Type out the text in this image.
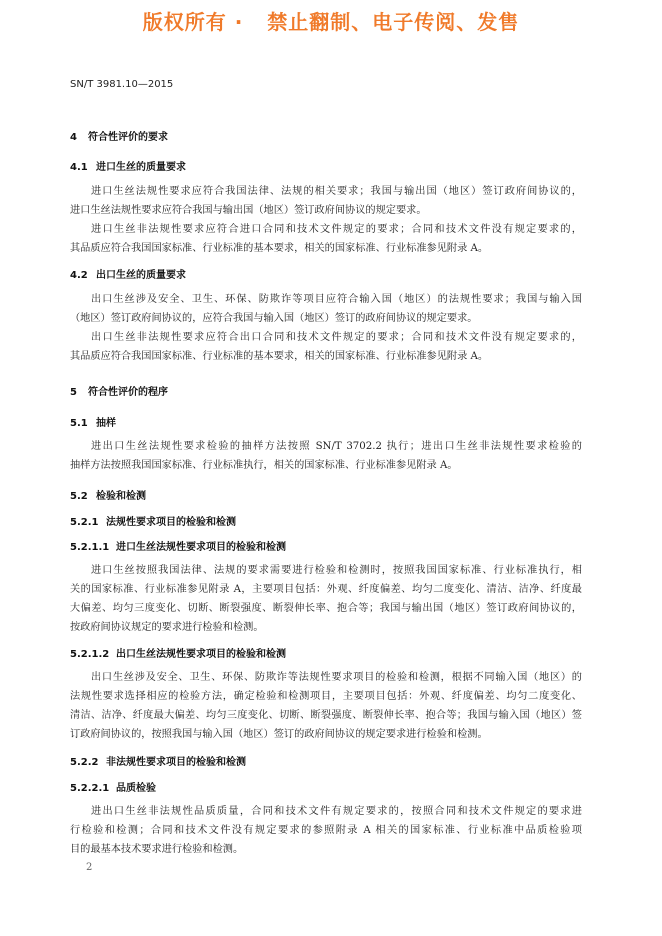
版权所有 ·   禁止翻制、电子传阅、发售
SN/T 3981.10—2015
4 符合性评价的要求
4.1 进口生丝的质量要求
进口生丝法规性要求应符合我国法律、法规的相关要求；我国与输出国（地区）签订政府间协议的，
进口生丝法规性要求应符合我国与输出国（地区）签订政府间协议的规定要求。
进口生丝非法规性要求应符合进口合同和技术文件规定的要求；合同和技术文件没有规定要求的，
其品质应符合我国国家标准、行业标准的基本要求，相关的国家标准、行业标准参见附录 A。
4.2 出口生丝的质量要求
出口生丝涉及安全、卫生、环保、防欺诈等项目应符合输入国（地区）的法规性要求；我国与输入国
（地区）签订政府间协议的，应符合我国与输入国（地区）签订的政府间协议的规定要求。
出口生丝非法规性要求应符合出口合同和技术文件规定的要求；合同和技术文件没有规定要求的，
其品质应符合我国国家标准、行业标准的基本要求，相关的国家标准、行业标准参见附录 A。
5 符合性评价的程序
5.1 抽样
进出口生丝法规性要求检验的抽样方法按照 SN/T 3702.2 执行；进出口生丝非法规性要求检验的
抽样方法按照我国国家标准、行业标准执行，相关的国家标准、行业标准参见附录 A。
5.2 检验和检测
5.2.1 法规性要求项目的检验和检测
5.2.1.1 进口生丝法规性要求项目的检验和检测
进口生丝按照我国法律、法规的要求需要进行检验和检测时，按照我国国家标准、行业标准执行，相
关的国家标准、行业标准参见附录 A，主要项目包括：外观、纤度偏差、均匀二度变化、清洁、洁净、纤度最
大偏差、均匀三度变化、切断、断裂强度、断裂伸长率、抱合等；我国与输出国（地区）签订政府间协议的，
按政府间协议规定的要求进行检验和检测。
5.2.1.2 出口生丝法规性要求项目的检验和检测
出口生丝涉及安全、卫生、环保、防欺诈等法规性要求项目的检验和检测，根据不同输入国（地区）的
法规性要求选择相应的检验方法，确定检验和检测项目，主要项目包括：外观、纤度偏差、均匀二度变化、
清洁、洁净、纤度最大偏差、均匀三度变化、切断、断裂强度、断裂伸长率、抱合等；我国与输入国（地区）签
订政府间协议的，按照我国与输入国（地区）签订的政府间协议的规定要求进行检验和检测。
5.2.2 非法规性要求项目的检验和检测
5.2.2.1 品质检验
进出口生丝非法规性品质质量，合同和技术文件有规定要求的，按照合同和技术文件规定的要求进
行检验和检测；合同和技术文件没有规定要求的参照附录 A 相关的国家标准、行业标准中品质检验项
目的最基本技术要求进行检验和检测。
2
